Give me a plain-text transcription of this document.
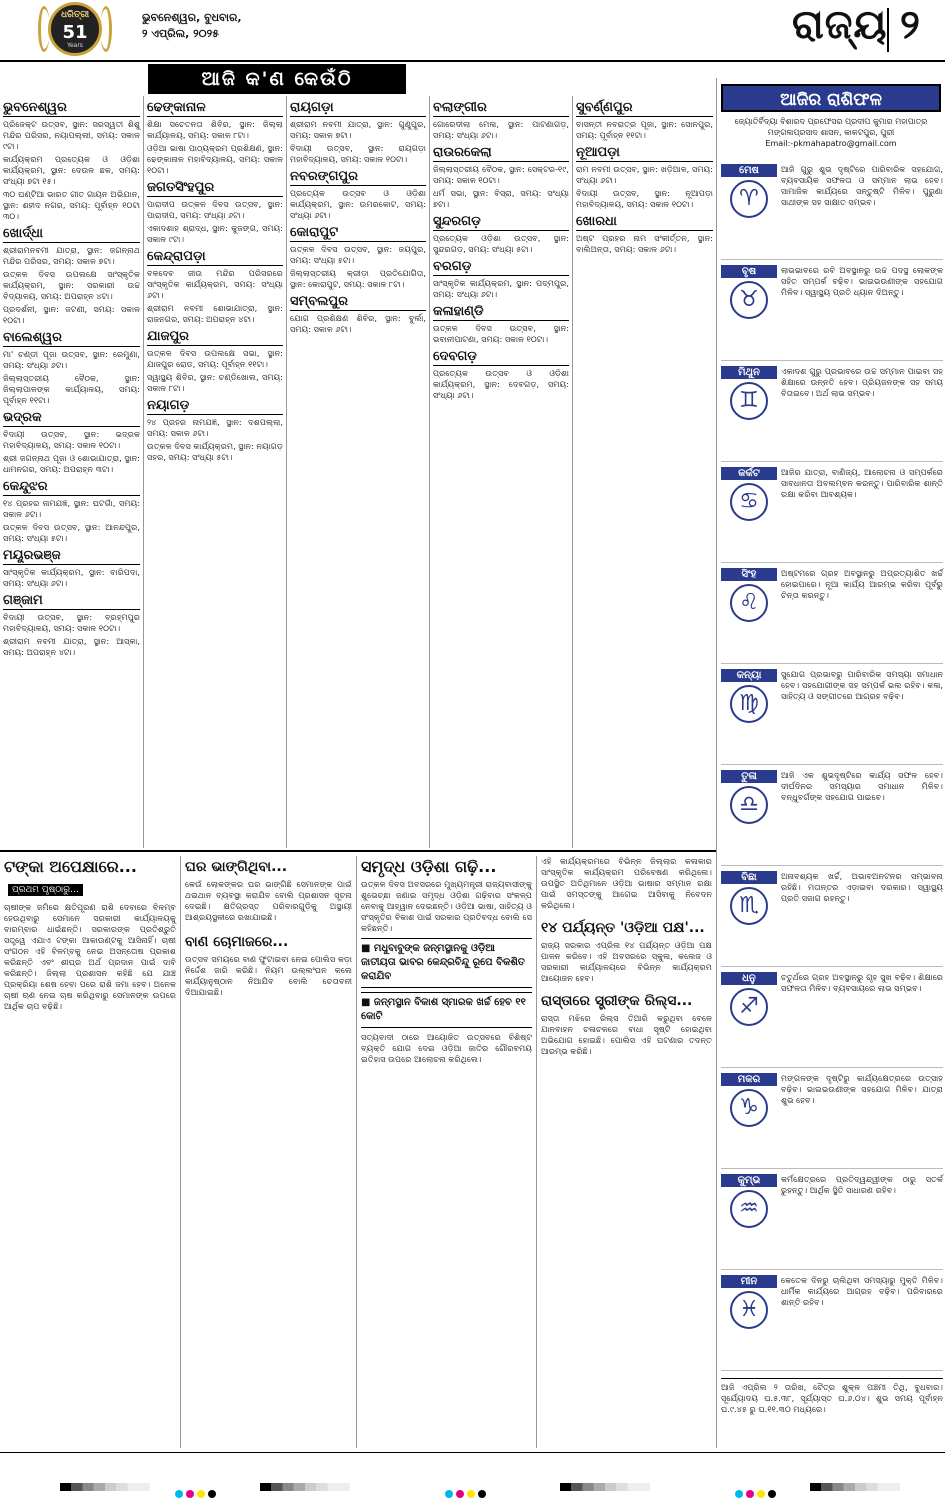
ଧରିତ୍ରୀ
51
Years
ଭୁବନେଶ୍ୱର, ବୁଧବାର,
୨ ଏପ୍ରିଲ, ୨୦୨୫	ରାଜ୍ୟ ୨
ଆଜି କ'ଣ କେଉଁଠି
ଭୁବନେଶ୍ୱର
ପ୍ରିଜେକ୍ଟ ଉତ୍ସବ, ସ୍ଥାନ: ସରସ୍ୱତୀ ଶିଶୁ ମନ୍ଦିର ପରିସର, ନୟାପଲ୍ଲୀ, ସମୟ: ସକାଳ ୯ଟା।
କାର୍ଯ୍ୟକ୍ରମ ପ୍ରତ୍ୟେକ ଓ ଓଡ଼ିଶା କାର୍ଯ୍ୟକ୍ରମ, ସ୍ଥାନ: ଦେଉଳ ଛକ, ସମୟ: ସଂଧ୍ୟା ୭ଟା ୧୫।
୩୦ ଘଣ୍ଟିଆ ଭାରତ ଗୀତ ଗାୟନ ଅଭିଯାନ, ସ୍ଥାନ: ଶହୀଦ ନଗର, ସମୟ: ପୂର୍ବାହ୍ନ ୧୦ଟା ୩୦।
ଖୋର୍ଦ୍ଧା
ଶ୍ରୀରାମନବମୀ ଯାତ୍ରା, ସ୍ଥାନ: ଜଗନ୍ନାଥ ମନ୍ଦିର ପରିସର, ସମୟ: ସକାଳ ୭ଟା।
ଉତ୍କଳ ଦିବସ ଉପଲକ୍ଷେ ସାଂସ୍କୃତିକ କାର୍ଯ୍ୟକ୍ରମ, ସ୍ଥାନ: ସରକାରୀ ଉଚ୍ଚ ବିଦ୍ୟାଳୟ, ସମୟ: ଅପରାହ୍ନ ୪ଟା।
ପ୍ରଦର୍ଶନୀ, ସ୍ଥାନ: ଜଟଣୀ, ସମୟ: ସକାଳ ୧୦ଟା।
ବାଲେଶ୍ୱର
ମା' ଚଣ୍ଡୀ ପୂଜା ଉତ୍ସବ, ସ୍ଥାନ: ରେମୁଣା, ସମୟ: ସଂଧ୍ୟା ୬ଟା।
ଜିଲ୍ଲାସ୍ତରୀୟ ବୈଠକ, ସ୍ଥାନ: ଜିଲ୍ଲାପାଳଙ୍କ କାର୍ଯ୍ୟାଳୟ, ସମୟ: ପୂର୍ବାହ୍ନ ୧୧ଟା।
ଭଦ୍ରକ
ବିଦାୟୀ ଉତ୍ସବ, ସ୍ଥାନ: ଭଦ୍ରକ ମହାବିଦ୍ୟାଳୟ, ସମୟ: ସକାଳ ୧୦ଟା।
ଶ୍ରୀ ଜଗନ୍ନାଥ ପୂଜା ଓ ଶୋଭାଯାତ୍ରା, ସ୍ଥାନ: ଧାମନଗର, ସମୟ: ଅପରାହ୍ନ ୩ଟା।
କେନ୍ଦୁଝର
୧୪ ପ୍ରହର ନାମଯଜ୍ଞ, ସ୍ଥାନ: ଘଟଗାଁ, ସମୟ: ସକାଳ ୬ଟା।
ଉତ୍କଳ ଦିବସ ଉତ୍ସବ, ସ୍ଥାନ: ଆନନ୍ଦପୁର, ସମୟ: ସଂଧ୍ୟା ୫ଟା।
ମୟୂରଭଞ୍ଜ
ସାଂସ୍କୃତିକ କାର୍ଯ୍ୟକ୍ରମ, ସ୍ଥାନ: ବାରିପଦା, ସମୟ: ସଂଧ୍ୟା ୬ଟା।
ଗଞ୍ଜାମ
ବିଦାୟୀ ଉତ୍ସବ, ସ୍ଥାନ: ବ୍ରହ୍ମପୁର ମହାବିଦ୍ୟାଳୟ, ସମୟ: ସକାଳ ୧୦ଟା।
ଶ୍ରୀରାମ ନବମୀ ଯାତ୍ରା, ସ୍ଥାନ: ଆସ୍କା, ସମୟ: ଅପରାହ୍ନ ୪ଟା।
ଢେଙ୍କାନାଳ
ଶିକ୍ଷା ସଚେତନତା ଶିବିର, ସ୍ଥାନ: ଜିଲ୍ଲା କାର୍ଯ୍ୟାଳୟ, ସମୟ: ସକାଳ ୮ଟା।
ଓଡ଼ିଆ ଭାଷା ପାଠ୍ୟକ୍ରମ ପ୍ରଶିକ୍ଷଣ, ସ୍ଥାନ: ଢେଙ୍କାନାଳ ମହାବିଦ୍ୟାଳୟ, ସମୟ: ସକାଳ ୧୦ଟା।
ଜଗତସିଂହପୁର
ପାରାଦୀପ ଉତ୍କଳ ଦିବସ ଉତ୍ସବ, ସ୍ଥାନ: ପାରାଦୀପ, ସମୟ: ସଂଧ୍ୟା ୬ଟା।
ଏକାଦଶାହ ଶ୍ରାଦ୍ଧ, ସ୍ଥାନ: କୁଜଙ୍ଗ, ସମୟ: ସକାଳ ୯ଟା।
କେନ୍ଦ୍ରାପଡ଼ା
ବଳଦେବ ଜୀଉ ମନ୍ଦିର ପରିସରରେ ସାଂସ୍କୃତିକ କାର୍ଯ୍ୟକ୍ରମ, ସମୟ: ସଂଧ୍ୟା ୬ଟା।
ଶ୍ରୀରାମ ନବମୀ ଶୋଭାଯାତ୍ରା, ସ୍ଥାନ: ରାଜନଗର, ସମୟ: ଅପରାହ୍ନ ୪ଟା।
ଯାଜପୁର
ଉତ୍କଳ ଦିବସ ଉପଲକ୍ଷେ ସଭା, ସ୍ଥାନ: ଯାଜପୁର ରୋଡ, ସମୟ: ପୂର୍ବାହ୍ନ ୧୧ଟା।
ସ୍ୱାସ୍ଥ୍ୟ ଶିବିର, ସ୍ଥାନ: ଚଣ୍ଡିଖୋଲ, ସମୟ: ସକାଳ ୮ଟା।
ନୟାଗଡ଼
୨୪ ପ୍ରହର ନାମଯଜ୍ଞ, ସ୍ଥାନ: ଦଶପଲ୍ଲା, ସମୟ: ସକାଳ ୬ଟା।
ଉତ୍କଳ ଦିବସ କାର୍ଯ୍ୟକ୍ରମ, ସ୍ଥାନ: ନୟାଗଡ଼ ସହର, ସମୟ: ସଂଧ୍ୟା ୫ଟା।
ରାୟଗଡ଼ା
ଶ୍ରୀରାମ ନବମୀ ଯାତ୍ରା, ସ୍ଥାନ: ଗୁଣୁପୁର, ସମୟ: ସକାଳ ୭ଟା।
ବିଦାୟୀ ଉତ୍ସବ, ସ୍ଥାନ: ରାୟଗଡ଼ା ମହାବିଦ୍ୟାଳୟ, ସମୟ: ସକାଳ ୧୦ଟା।
ନବରଙ୍ଗପୁର
ପ୍ରତ୍ୟେକ ଉତ୍ସବ ଓ ଓଡ଼ିଶା କାର୍ଯ୍ୟକ୍ରମ, ସ୍ଥାନ: ଉମରକୋଟ, ସମୟ: ସଂଧ୍ୟା ୬ଟା।
କୋରାପୁଟ
ଉତ୍କଳ ଦିବସ ଉତ୍ସବ, ସ୍ଥାନ: ଜୟପୁର, ସମୟ: ସଂଧ୍ୟା ୫ଟା।
ଜିଲ୍ଲାସ୍ତରୀୟ କ୍ରୀଡ଼ା ପ୍ରତିଯୋଗିତା, ସ୍ଥାନ: କୋରାପୁଟ, ସମୟ: ସକାଳ ୮ଟା।
ସମ୍ବଲପୁର
ଯୋଗ ପ୍ରଶିକ୍ଷଣ ଶିବିର, ସ୍ଥାନ: ବୁର୍ଲା, ସମୟ: ସକାଳ ୬ଟା।
ବଲାଙ୍ଗୀର
ଗୋରେଦୀଲା ମେଳା, ସ୍ଥାନ: ପାଟଣାଗଡ଼, ସମୟ: ସଂଧ୍ୟା ୬ଟା।
ରାଉରକେଲା
ଜିଲ୍ଲାସ୍ତରୀୟ ବୈଠକ, ସ୍ଥାନ: ସେକ୍ଟର-୧୯, ସମୟ: ସକାଳ ୧୦ଟା।
ଧର୍ମ ସଭା, ସ୍ଥାନ: ବିସ୍ରା, ସମୟ: ସଂଧ୍ୟା ୭ଟା।
ସୁନ୍ଦରଗଡ଼
ପ୍ରତ୍ୟେକ ଓଡ଼ିଶା ଉତ୍ସବ, ସ୍ଥାନ: ସୁନ୍ଦରଗଡ଼, ସମୟ: ସଂଧ୍ୟା ୫ଟା।
ବରଗଡ଼
ସାଂସ୍କୃତିକ କାର୍ଯ୍ୟକ୍ରମ, ସ୍ଥାନ: ପଦ୍ମପୁର, ସମୟ: ସଂଧ୍ୟା ୬ଟା।
କଳାହାଣ୍ଡି
ଉତ୍କଳ ଦିବସ ଉତ୍ସବ, ସ୍ଥାନ: ଭବାନୀପାଟଣା, ସମୟ: ସକାଳ ୧୦ଟା।
ଦେବଗଡ଼
ପ୍ରତ୍ୟେକ ଉତ୍ସବ ଓ ଓଡ଼ିଶା କାର୍ଯ୍ୟକ୍ରମ, ସ୍ଥାନ: ଦେବଗଡ଼, ସମୟ: ସଂଧ୍ୟା ୬ଟା।
ସୁବର୍ଣ୍ଣପୁର
ବାସନ୍ତୀ ନବରାତ୍ର ପୂଜା, ସ୍ଥାନ: ସୋନପୁର, ସମୟ: ପୂର୍ବାହ୍ନ ୧୧ଟା।
ନୂଆପଡ଼ା
ରାମ ନବମୀ ଉତ୍ସବ, ସ୍ଥାନ: ଖଡ଼ିଆଳ, ସମୟ: ସଂଧ୍ୟା ୬ଟା।
ବିଦାୟୀ ଉତ୍ସବ, ସ୍ଥାନ: ନୂଆପଡ଼ା ମହାବିଦ୍ୟାଳୟ, ସମୟ: ସକାଳ ୧୦ଟା।
ଖୋରଧା
ଅଷ୍ଟ ପ୍ରହର ନାମ ସଂକୀର୍ତ୍ତନ, ସ୍ଥାନ: ବାଲିଅନ୍ତା, ସମୟ: ସକାଳ ୬ଟା।
ଆଜିର ରାଶିଫଳ
ଜ୍ୟୋତିର୍ବିଦ୍ୟା ବିଶାରଦ ପ୍ରଫେସର ପ୍ରଦୀପ କୁମାର ମହାପାତ୍ର
ମଙ୍ଗଳାପ୍ରସାଦ ଶାସନ, କାକଟପୁର, ପୁରୀ
Email:-pkmahapatro@gmail.com
ମେଷ
♈
ଆଜି ଗୁରୁ ଶୁଭ ଦୃଷ୍ଟିରେ ପାରିବାରିକ ସହଯୋଗ, ବ୍ୟବସାୟିକ ସଫଳତା ଓ ସମ୍ମାନ ଲାଭ ହେବ। ସାମାଜିକ କାର୍ଯ୍ୟରେ ସନ୍ତୁଷ୍ଟି ମିଳିବ। ପୁରୁଣା ସାଥୀଙ୍କ ସହ ସାକ୍ଷାତ ସମ୍ଭବ।
ବୃଷ
♉
ଲାଭଭାବରେ ରବି ଅବସ୍ଥାନରୁ ଉଚ୍ଚ ପଦସ୍ଥ ଲୋକଙ୍କ ସହିତ ସମ୍ପର୍କ ବଢ଼ିବ। ଭାଇଭଉଣୀଙ୍କ ସହଯୋଗ ମିଳିବ। ସ୍ୱାସ୍ଥ୍ୟ ପ୍ରତି ଧ୍ୟାନ ଦିଅନ୍ତୁ।
ମିଥୁନ
♊
ଏକାଦଶ ଗୁରୁ ପ୍ରଭାବରେ ଉଚ୍ଚ ସମ୍ମାନ ପାଇବା ସହ ଶିକ୍ଷାରେ ଉନ୍ନତି ହେବ। ପ୍ରିୟଜନଙ୍କ ସହ ସମୟ ବିତାଇବେ। ଅର୍ଥ ଲାଭ ସମ୍ଭବ।
କର୍କଟ
♋
ଆଜିର ଯାତ୍ରା, ବାଣିଜ୍ୟ, ଆଲୋଚନା ଓ ସମ୍ପର୍କରେ ସାବଧାନତା ଅବଲମ୍ବନ କରନ୍ତୁ। ପାରିବାରିକ ଶାନ୍ତି ରକ୍ଷା କରିବା ଆବଶ୍ୟକ।
ସିଂହ
♌
ଅଷ୍ଟମରେ ଗ୍ରହ ଅବସ୍ଥାନରୁ ଅପ୍ରତ୍ୟାଶିତ ଖର୍ଚ୍ଚ ହୋଇପାରେ। ନୂଆ କାର୍ଯ୍ୟ ଆରମ୍ଭ କରିବା ପୂର୍ବରୁ ଚିନ୍ତା କରନ୍ତୁ।
କନ୍ୟା
♍
ସୁଯୋଗ ପ୍ରଭାବରୁ ପାରିବାରିକ ସମସ୍ୟା ସମାଧାନ ହେବ। ସହଯୋଗୀଙ୍କ ସହ ସମ୍ପର୍କ ଭଲ ରହିବ। କଳା, ସାହିତ୍ୟ ଓ ସଙ୍ଗୀତରେ ଆଗ୍ରହ ବଢ଼ିବ।
ତୁଳା
♎
ଆଜି ଏକ ଶୁଭଦୃଷ୍ଟିରେ କାର୍ଯ୍ୟ ସଫଳ ହେବ। ଦୀର୍ଘଦିନର ସମସ୍ୟାର ସମାଧାନ ମିଳିବ। ବନ୍ଧୁବର୍ଗଙ୍କ ସହଯୋଗ ପାଇବେ।
ବିଛା
♏
ଅନାବଶ୍ୟକ ଖର୍ଚ୍ଚ, ଅଭାବଅନଟନର ସମ୍ଭାବନା ରହିଛି। ମତାନ୍ତର ଏଡ଼ାଇବା ଦରକାର। ସ୍ୱାସ୍ଥ୍ୟ ପ୍ରତି ସଜାଗ ରହନ୍ତୁ।
ଧନୁ
♐
ଚତୁର୍ଥରେ ଗ୍ରହ ଅବସ୍ଥାନରୁ ଗୃହ ସୁଖ ବଢ଼ିବ। ଶିକ୍ଷାରେ ସଫଳତା ମିଳିବ। ବ୍ୟବସାୟରେ ଲାଭ ସମ୍ଭବ।
ମକର
♑
ମଙ୍ଗଳଙ୍କ ଦୃଷ୍ଟିରୁ କାର୍ଯ୍ୟକ୍ଷେତ୍ରରେ ଉତ୍ସାହ ବଢ଼ିବ। ଭାଇଭଉଣୀଙ୍କ ସହଯୋଗ ମିଳିବ। ଯାତ୍ରା ଶୁଭ ହେବ।
କୁମ୍ଭ
♒
କର୍ମକ୍ଷେତ୍ରରେ ପ୍ରତିଦ୍ୱନ୍ଦ୍ୱୀଙ୍କ ଠାରୁ ସତର୍କ ରୁହନ୍ତୁ। ଆର୍ଥିକ ସ୍ଥିତି ସାଧାରଣ ରହିବ।
ମୀନ
♓
କେତେକ ଦିନରୁ ଚାଲିଥିବା ସମସ୍ୟାରୁ ମୁକ୍ତି ମିଳିବ। ଧାର୍ମିକ କାର୍ଯ୍ୟରେ ଆଗ୍ରହ ବଢ଼ିବ। ପରିବାରରେ ଶାନ୍ତି ରହିବ।
ଆଜି ଏପ୍ରିଲ ୨ ତାରିଖ, ଚୈତ୍ର ଶୁକ୍ଳ ପଞ୍ଚମୀ ତିଥି, ବୁଧବାର। ସୂର୍ଯ୍ୟୋଦୟ ଘ.୫.୩୮, ସୂର୍ଯ୍ୟାସ୍ତ ଘ.୬.୦୪। ଶୁଭ ସମୟ ପୂର୍ବାହ୍ନ ଘ.୯.୪୫ ରୁ ଘ.୧୧.୩୦ ମଧ୍ୟରେ।
ଟଙ୍କା ଅପେକ୍ଷାରେ...
ପ୍ରଥମ ପୃଷ୍ଠାରୁ...
ଚାଷୀଙ୍କ ଜମିରେ କ୍ଷତିପୂରଣ ରାଶି ଦେବାରେ ବିଳମ୍ବ ହେଉଥିବାରୁ ସେମାନେ ସରକାରୀ କାର୍ଯ୍ୟାଳୟକୁ ବାରମ୍ବାର ଧାଇଁଛନ୍ତି। ସରକାରଙ୍କ ପ୍ରତିଶ୍ରୁତି ସତ୍ତ୍ୱେ ଏଯାଏ ଟଙ୍କା ଆକାଉଣ୍ଟକୁ ଆସିନାହିଁ। ଚାଷୀ ସଂଗଠନ ଏହି ବିଳମ୍ବକୁ ନେଇ ଅସନ୍ତୋଷ ପ୍ରକାଶ କରିଛନ୍ତି ଏବଂ ଶୀଘ୍ର ଅର୍ଥ ପ୍ରଦାନ ପାଇଁ ଦାବି କରିଛନ୍ତି। ଜିଲ୍ଲା ପ୍ରଶାସନ କହିଛି ଯେ ଯାଞ୍ଚ ପ୍ରକ୍ରିୟା ଶେଷ ହେବା ପରେ ରାଶି ଜମା ହେବ। ଅନେକ ଚାଷୀ ଋଣ ନେଇ ଚାଷ କରିଥିବାରୁ ସେମାନଙ୍କ ଉପରେ ଆର୍ଥିକ ଚାପ ବଢ଼ିଛି।
ଘର ଭାଙ୍ଗିଥିବା...
କେଉଁ ଲୋକଙ୍କର ଘର ଭାଙ୍ଗିଛି ସେମାନଙ୍କ ପାଇଁ ଥଇଥାନ ବ୍ୟବସ୍ଥା କରାଯିବ ବୋଲି ପ୍ରଶାସନ ସୂଚନା ଦେଇଛି। କ୍ଷତିଗ୍ରସ୍ତ ପରିବାରଗୁଡ଼ିକୁ ଅସ୍ଥାୟୀ ଆଶ୍ରୟସ୍ଥଳୀରେ ରଖାଯାଇଛି।
ବାଣ ଚୋମାଜରେ...
ଉତ୍ସବ ସମୟରେ ବାଣ ଫୁଟାଇବା ନେଇ ପୋଲିସ କଡ଼ା ନିର୍ଦ୍ଦେଶ ଜାରି କରିଛି। ନିୟମ ଉଲ୍ଲଂଘନ କଲେ କାର୍ଯ୍ୟାନୁଷ୍ଠାନ ନିଆଯିବ ବୋଲି ଚେତାବନୀ ଦିଆଯାଇଛି।
ସମୃଦ୍ଧ ଓଡ଼ିଶା ଗଢ଼ି...
ଉତ୍କଳ ଦିବସ ଅବସରରେ ମୁଖ୍ୟମନ୍ତ୍ରୀ ରାଜ୍ୟବାସୀଙ୍କୁ ଶୁଭେଚ୍ଛା ଜଣାଇ ସମୃଦ୍ଧ ଓଡ଼ିଶା ଗଢ଼ିବାର ସଂକଳ୍ପ ନେବାକୁ ଆହ୍ୱାନ ଦେଇଛନ୍ତି। ଓଡ଼ିଆ ଭାଷା, ସାହିତ୍ୟ ଓ ସଂସ୍କୃତିର ବିକାଶ ପାଇଁ ସରକାର ପ୍ରତିବଦ୍ଧ ବୋଲି ସେ କହିଛନ୍ତି।
■ ମଧୁବାବୁଙ୍କ ଜନ୍ମସ୍ଥାନକୁ ଓଡ଼ିଆ ଜାତୀୟତା ଭାବର କେନ୍ଦ୍ରବିନ୍ଦୁ ରୂପେ ବିକଶିତ କରାଯିବ
■ ଜନ୍ମସ୍ଥାନ ବିକାଶ ସ୍ମାରକ ଖର୍ଚ୍ଚ ହେବ ୧୧ କୋଟି
ସତ୍ୟବାଦୀ ଠାରେ ଆୟୋଜିତ ଉତ୍ସବରେ ବିଶିଷ୍ଟ ବ୍ୟକ୍ତି ଯୋଗ ଦେଇ ଓଡ଼ିଆ ଜାତିର ଗୌରବମୟ ଇତିହାସ ଉପରେ ଆଲୋଚନା କରିଥିଲେ।
ଏହି କାର୍ଯ୍ୟକ୍ରମରେ ବିଭିନ୍ନ ଜିଲ୍ଲାର କଳାକାର ସାଂସ୍କୃତିକ କାର୍ଯ୍ୟକ୍ରମ ପରିବେଷଣ କରିଥିଲେ। ଉପସ୍ଥିତ ଅତିଥିମାନେ ଓଡ଼ିଆ ଭାଷାର ସମ୍ମାନ ରକ୍ଷା ପାଇଁ ସମସ୍ତଙ୍କୁ ଆଗେଇ ଆସିବାକୁ ନିବେଦନ କରିଥିଲେ।
୧୪ ପର୍ଯ୍ୟନ୍ତ 'ଓଡ଼ିଆ ପକ୍ଷ'...
ରାଜ୍ୟ ସରକାର ଏପ୍ରିଲ ୧୪ ପର୍ଯ୍ୟନ୍ତ ଓଡ଼ିଆ ପକ୍ଷ ପାଳନ କରିବେ। ଏହି ଅବସରରେ ସ୍କୁଲ, କଲେଜ ଓ ସରକାରୀ କାର୍ଯ୍ୟାଳୟରେ ବିଭିନ୍ନ କାର୍ଯ୍ୟକ୍ରମ ଆୟୋଜନ ହେବ।
ରାସ୍ତାରେ ସ୍ତ୍ରୀଙ୍କ ରିଲ୍ସ...
ରାସ୍ତା ମଝିରେ ରିଲ୍ସ ତିଆରି କରୁଥିବା ବେଳେ ଯାନବାହନ ଚଳାଚଳରେ ବାଧା ସୃଷ୍ଟି ହୋଇଥିବା ଅଭିଯୋଗ ହୋଇଛି। ପୋଲିସ ଏହି ଘଟଣାର ତଦନ୍ତ ଆରମ୍ଭ କରିଛି।
